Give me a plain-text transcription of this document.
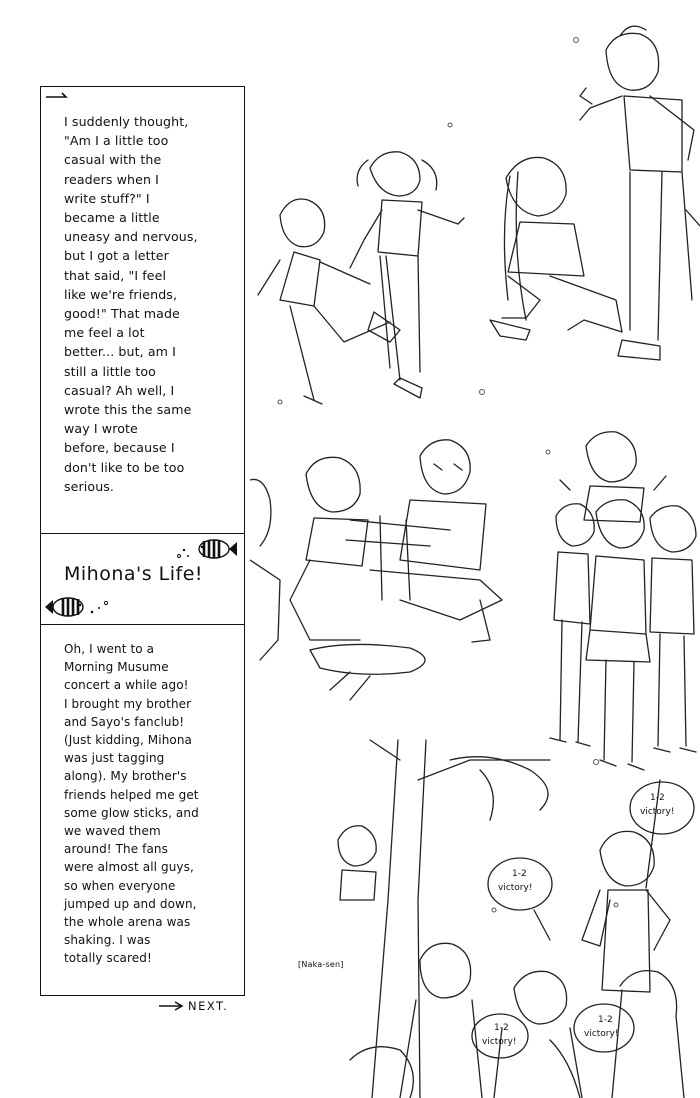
I suddenly thought,
"Am I a little too
casual with the
readers when I
write stuff?" I
became a little
uneasy and nervous,
but I got a letter
that said, "I feel
like we're friends,
good!" That made
me feel a lot
better... but, am I
still a little too
casual? Ah well, I
wrote this the same
way I wrote
before, because I
don't like to be too
serious.
Mihona's Life!
Oh, I went to a
Morning Musume
concert a while ago!
I brought my brother
and Sayo's fanclub!
(Just kidding, Mihona
was just tagging
along). My brother's
friends helped me get
some glow sticks, and
we waved them
around! The fans
were almost all guys,
so when everyone
jumped up and down,
the whole arena was
shaking. I was
totally scared!
NEXT.
1-2
victory!
1-2
victory!
1-2
victory!
1-2
victory!
[Naka-sen]
